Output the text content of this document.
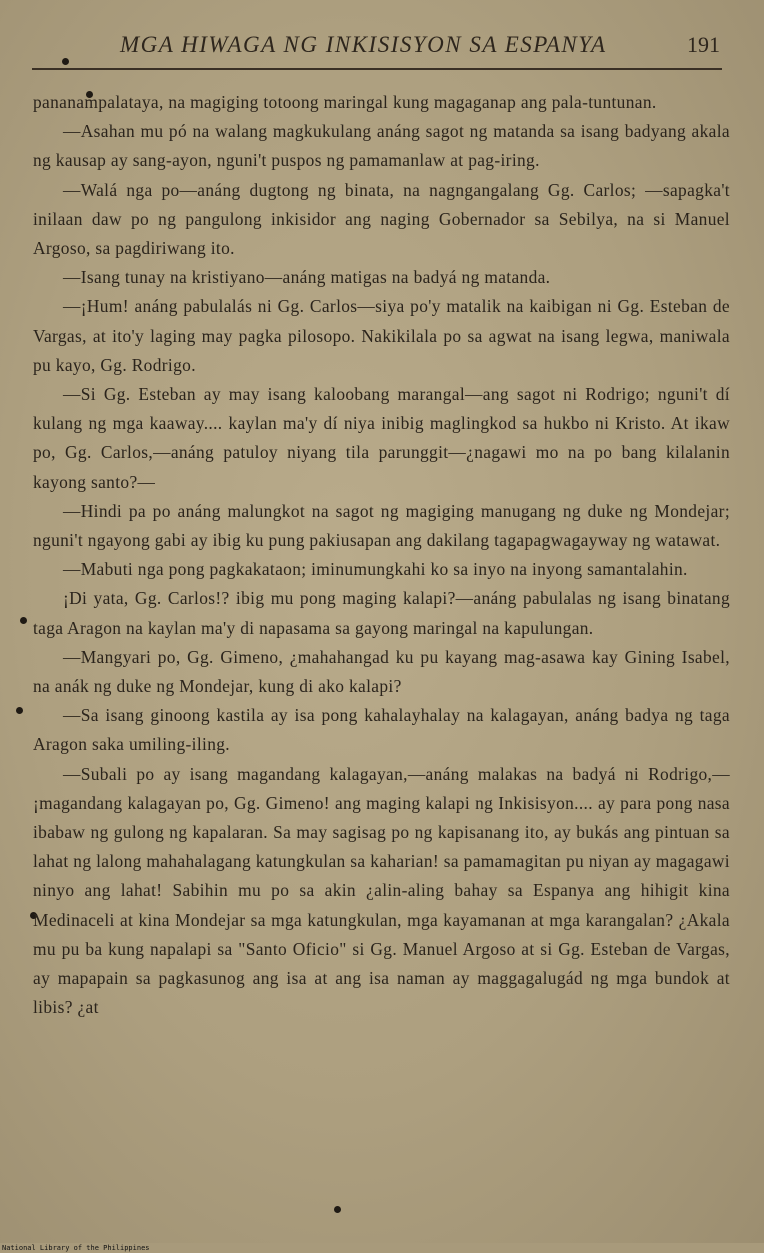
MGA HIWAGA NG INKISISYON SA ESPANYA	191

pananampalataya, na magiging totoong maringal kung magaganap ang pala-tuntunan.

—Asahan mu pó na walang magkukulang anáng sagot ng matanda sa isang badyang akala ng kausap ay sang-ayon, nguni't puspos ng pamamanlaw at pag-iring.

—Walá nga po—anáng dugtong ng binata, na nagngangalang Gg. Carlos; —sapagka't inilaan daw po ng pangulong inkisidor ang naging Gobernador sa Sebilya, na si Manuel Argoso, sa pagdiriwang ito.

—Isang tunay na kristiyano—anáng matigas na badyá ng matanda.

—¡Hum! anáng pabulalás ni Gg. Carlos—siya po'y matalik na kaibigan ni Gg. Esteban de Vargas, at ito'y laging may pagka pilosopo. Nakikilala po sa agwat na isang legwa, maniwala pu kayo, Gg. Rodrigo.

—Si Gg. Esteban ay may isang kaloobang marangal—ang sagot ni Rodrigo; nguni't dí kulang ng mga kaaway.... kaylan ma'y dí niya inibig maglingkod sa hukbo ni Kristo. At ikaw po, Gg. Carlos,—anáng patuloy niyang tila parunggit—¿nagawi mo na po bang kilalanin kayong santo?—

—Hindi pa po anáng malungkot na sagot ng magiging manugang ng duke ng Mondejar; nguni't ngayong gabi ay ibig ku pung pakiusapan ang dakilang tagapagwagayway ng watawat.

—Mabuti nga pong pagkakataon; iminumungkahi ko sa inyo na inyong samantalahin.

¡Di yata, Gg. Carlos!? ibig mu pong maging kalapi?—anáng pabulalas ng isang binatang taga Aragon na kaylan ma'y di napasama sa gayong maringal na kapulungan.

—Mangyari po, Gg. Gimeno, ¿mahahangad ku pu kayang mag-asawa kay Gining Isabel, na anák ng duke ng Mondejar, kung di ako kalapi?

—Sa isang ginoong kastila ay isa pong kahalayhalay na kalagayan, anáng badya ng taga Aragon saka umiling-iling.

—Subali po ay isang magandang kalagayan,—anáng malakas na badyá ni Rodrigo,—¡magandang kalagayan po, Gg. Gimeno! ang maging kalapi ng Inkisisyon.... ay para pong nasa ibabaw ng gulong ng kapalaran. Sa may sagisag po ng kapisanang ito, ay bukás ang pintuan sa lahat ng lalong mahahalagang katungkulan sa kaharian! sa pamamagitan pu niyan ay magagawi ninyo ang lahat! Sabihin mu po sa akin ¿alin-aling bahay sa Espanya ang hihigit kina Medinaceli at kina Mondejar sa mga katungkulan, mga kayamanan at mga karangalan? ¿Akala mu pu ba kung napalapi sa "Santo Oficio" si Gg. Manuel Argoso at si Gg. Esteban de Vargas, ay mapapain sa pagkasunog ang isa at ang isa naman ay maggagalugád ng mga bundok at libis? ¿at

National Library of the Philippines
